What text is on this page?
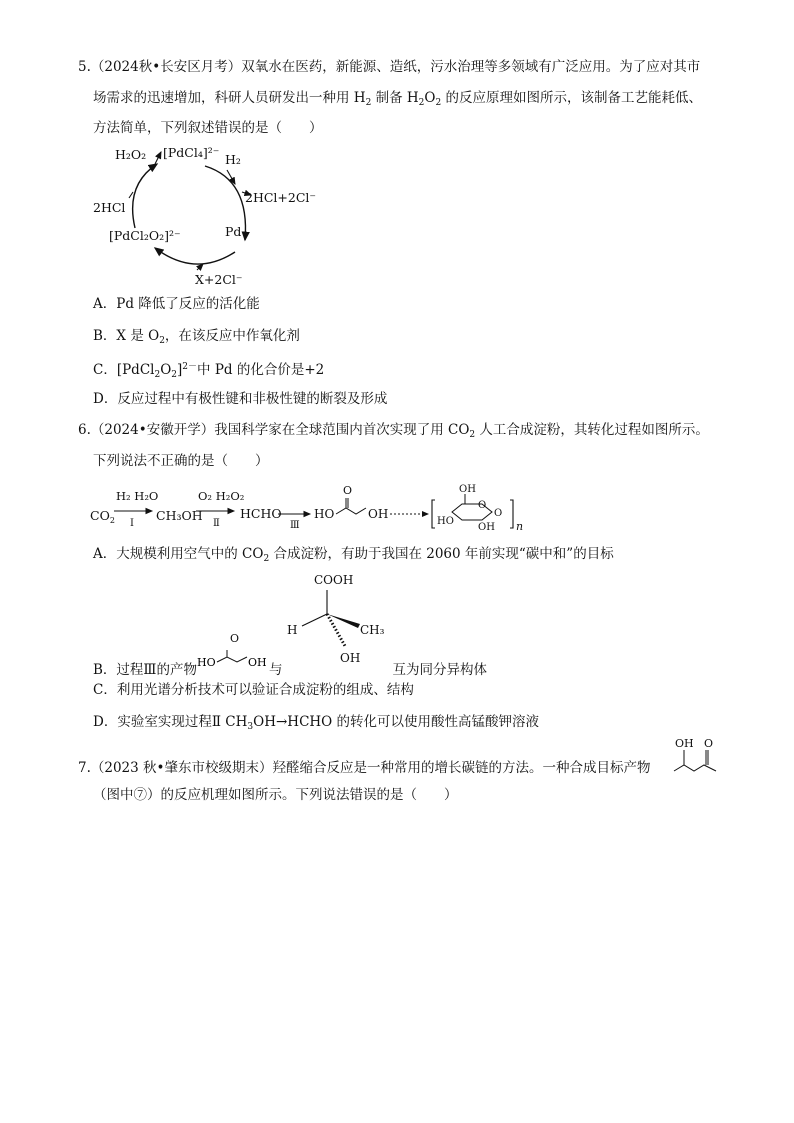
5.（2024秋•长安区月考）双氧水在医药，新能源、造纸，污水治理等多领域有广泛应用。为了应对其市
场需求的迅速增加，科研人员研发出一种用 $H_2$ 制备 $H_2O_2$ 的反应原理如图所示，该制备工艺能耗低、
方法简单，下列叙述错误的是（　　）
H₂O₂ [PdCl₄]²⁻ H₂
2HCl+2Cl⁻
2HCl
[PdCl₂O₂]²⁻	Pd
X+2Cl⁻
A．Pd 降低了反应的活化能
B．X 是 $O_2$，在该反应中作氧化剂
C．$[PdCl_2O_2]^{2-}$中 Pd 的化合价是+2
D．反应过程中有极性键和非极性键的断裂及形成
6.（2024•安徽开学）我国科学家在全球范围内首次实现了用 $CO_2$ 人工合成淀粉，其转化过程如图所示。
下列说法不正确的是（　　）
$CO_2$
H₂ H₂O
Ⅰ
CH₃OH
O₂ H₂O₂
Ⅱ
HCHO
Ⅲ
HO
O
OH
OH
O
O
HO
OH n
A．大规模利用空气中的 $CO_2$ 合成淀粉，有助于我国在 2060 年前实现“碳中和”的目标
COOH
H	CH₃
OH
B．过程Ⅲ的产物 HO	OH 与	互为同分异构体
O
C．利用光谱分析技术可以验证合成淀粉的组成、结构
D．实验室实现过程Ⅱ $CH_3OH\to HCHO$ 的转化可以使用酸性高锰酸钾溶液
7.（2023 秋•肇东市校级期末）羟醛缩合反应是一种常用的增长碳链的方法。一种合成目标产物
OH O
（图中⑦）的反应机理如图所示。下列说法错误的是（　　）
